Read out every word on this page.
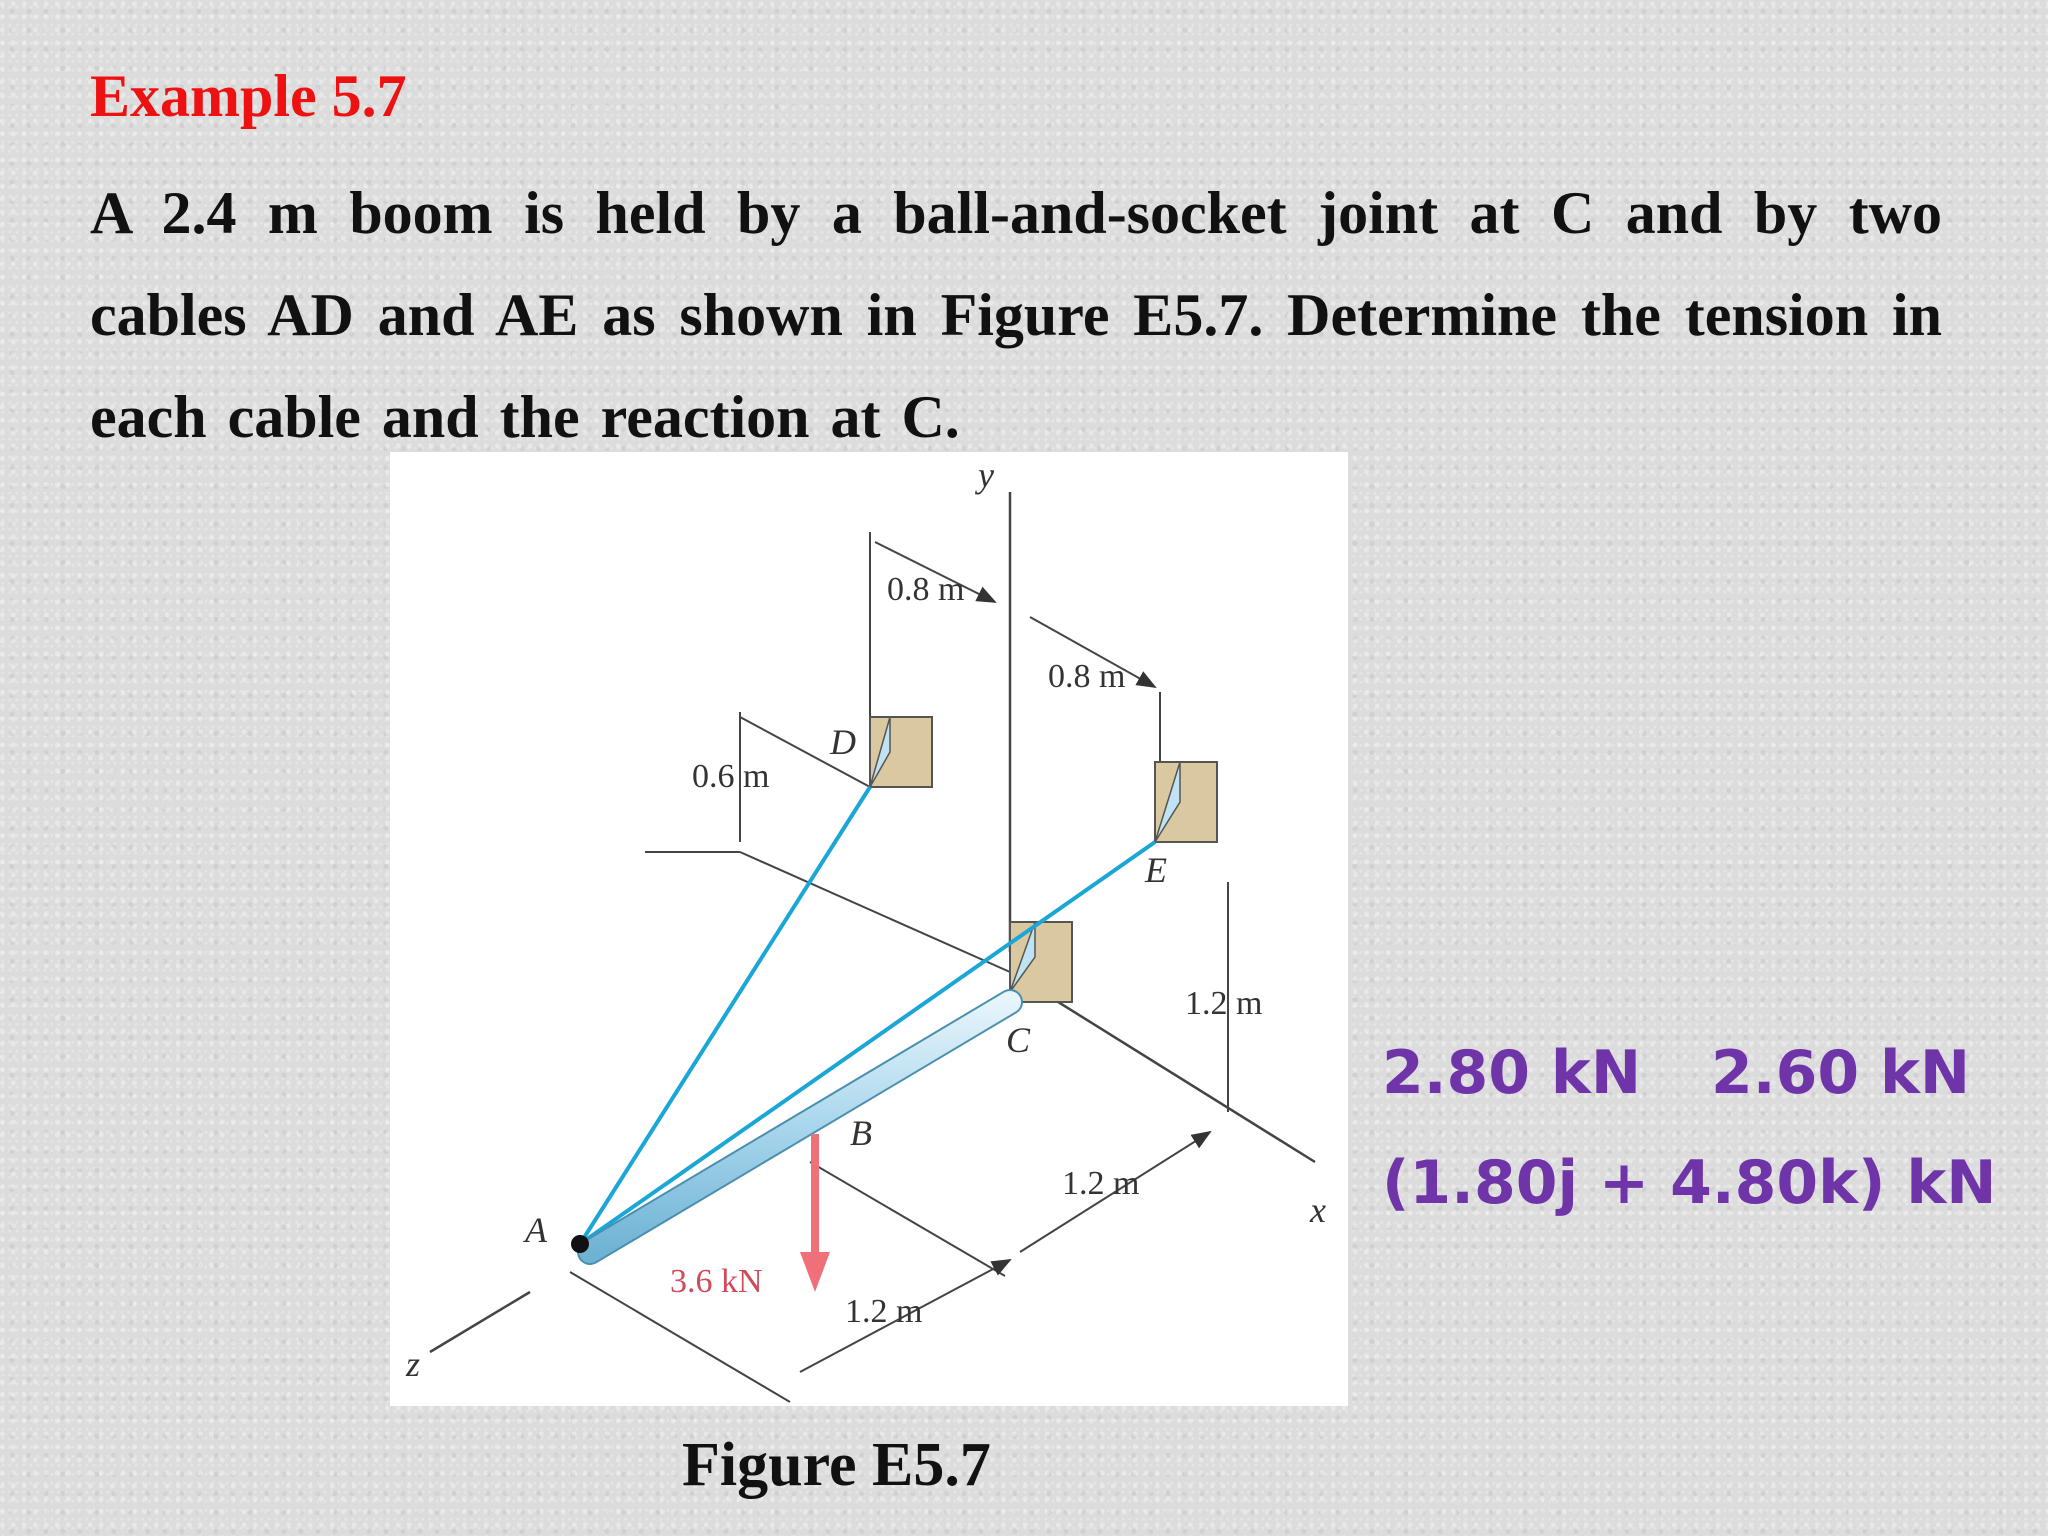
Example 5.7
A 2.4 m boom is held by a ball-and-socket joint at C and by two cables AD and AE as shown in Figure E5.7. Determine the tension in each cable and the reaction at C.
y
x
z
A
B
C
D
E
0.8 m
0.8 m
0.6 m
1.2 m
1.2 m
1.2 m
3.6 kN
Figure E5.7
2.80 kN 2.60 kN
(1.80j + 4.80k) kN
